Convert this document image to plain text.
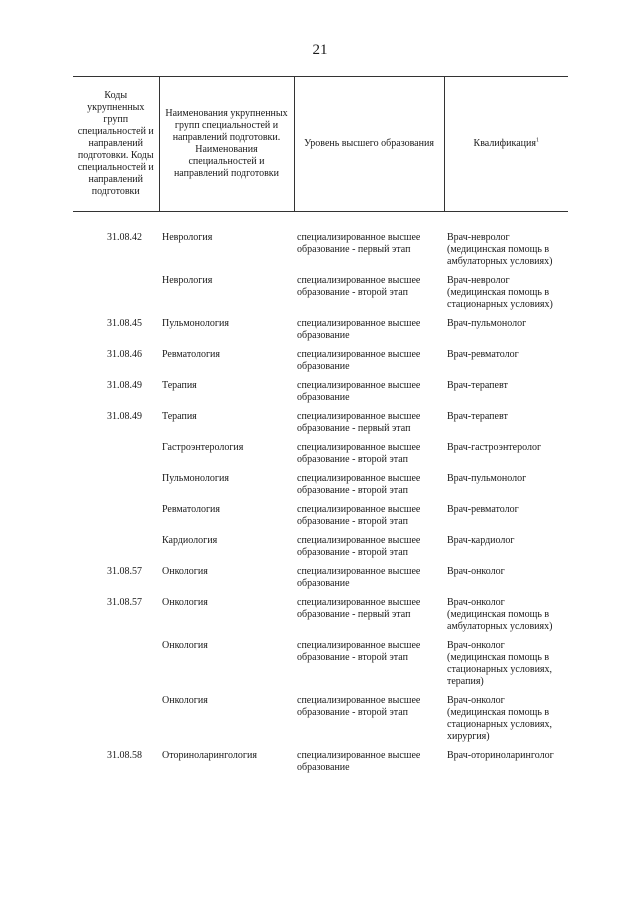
21
Коды укрупненных групп специальностей и направлений подготовки. Коды специальностей и направлений подготовки	Наименования укрупненных групп специальностей и направлений подготовки. Наименования специальностей и направлений подготовки	Уровень высшего образования	Квалификация$^1$

31.08.42	Неврология	специализированное высшее образование - первый этап	Врач-невролог (медицинская помощь в амбулаторных условиях)
	Неврология	специализированное высшее образование - второй этап	Врач-невролог (медицинская помощь в стационарных условиях)
31.08.45	Пульмонология	специализированное высшее образование	Врач-пульмонолог
31.08.46	Ревматология	специализированное высшее образование	Врач-ревматолог
31.08.49	Терапия	специализированное высшее образование	Врач-терапевт
31.08.49	Терапия	специализированное высшее образование - первый этап	Врач-терапевт
	Гастроэнтерология	специализированное высшее образование - второй этап	Врач-гастроэнтеролог
	Пульмонология	специализированное высшее образование - второй этап	Врач-пульмонолог
	Ревматология	специализированное высшее образование - второй этап	Врач-ревматолог
	Кардиология	специализированное высшее образование - второй этап	Врач-кардиолог
31.08.57	Онкология	специализированное высшее образование	Врач-онколог
31.08.57	Онкология	специализированное высшее образование - первый этап	Врач-онколог (медицинская помощь в амбулаторных условиях)
	Онкология	специализированное высшее образование - второй этап	Врач-онколог (медицинская помощь в стационарных условиях, терапия)
	Онкология	специализированное высшее образование - второй этап	Врач-онколог (медицинская помощь в стационарных условиях, хирургия)
31.08.58	Оториноларингология	специализированное высшее образование	Врач-оториноларинголог
